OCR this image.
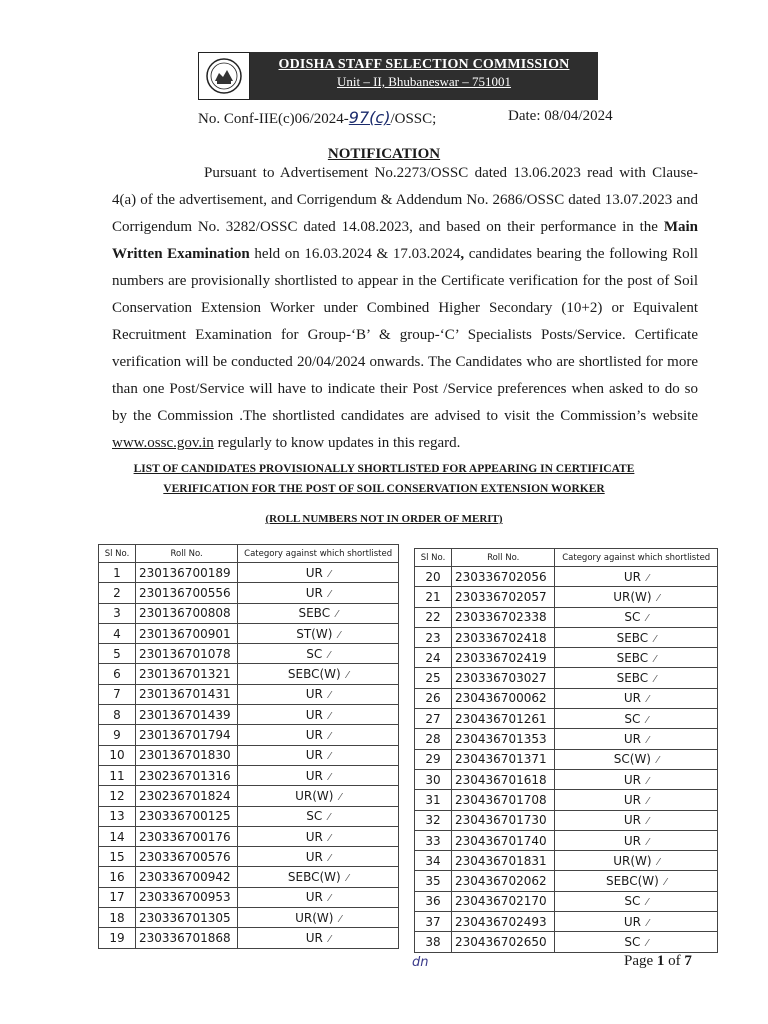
ODISHA STAFF SELECTION COMMISSION
Unit – II, Bhubaneswar – 751001
No. Conf-IIE(c)06/2024-97(c)/OSSC;	Date: 08/04/2024
NOTIFICATION
Pursuant to Advertisement No.2273/OSSC dated 13.06.2023 read with Clause-4(a) of the advertisement, and Corrigendum & Addendum No. 2686/OSSC dated 13.07.2023 and Corrigendum No. 3282/OSSC dated 14.08.2023, and based on their performance in the Main Written Examination held on 16.03.2024 & 17.03.2024, candidates bearing the following Roll numbers are provisionally shortlisted to appear in the Certificate verification for the post of Soil Conservation Extension Worker under Combined Higher Secondary (10+2) or Equivalent Recruitment Examination for Group-‘B’ & group-‘C’ Specialists Posts/Service. Certificate verification will be conducted 20/04/2024 onwards. The Candidates who are shortlisted for more than one Post/Service will have to indicate their Post /Service preferences when asked to do so by the Commission .The shortlisted candidates are advised to visit the Commission’s website www.ossc.gov.in regularly to know updates in this regard.
LIST OF CANDIDATES PROVISIONALLY SHORTLISTED FOR APPEARING IN CERTIFICATE
VERIFICATION FOR THE POST OF SOIL CONSERVATION EXTENSION WORKER
(ROLL NUMBERS NOT IN ORDER OF MERIT)
Sl No.	Roll No.	Category against which shortlisted
1	230136700189	UR ⁄
2	230136700556	UR ⁄
3	230136700808	SEBC ⁄
4	230136700901	ST(W) ⁄
5	230136701078	SC ⁄
6	230136701321	SEBC(W) ⁄
7	230136701431	UR ⁄
8	230136701439	UR ⁄
9	230136701794	UR ⁄
10	230136701830	UR ⁄
11	230236701316	UR ⁄
12	230236701824	UR(W) ⁄
13	230336700125	SC ⁄
14	230336700176	UR ⁄
15	230336700576	UR ⁄
16	230336700942	SEBC(W) ⁄
17	230336700953	UR ⁄
18	230336701305	UR(W) ⁄
19	230336701868	UR ⁄
Sl No.	Roll No.	Category against which shortlisted
20	230336702056	UR ⁄
21	230336702057	UR(W) ⁄
22	230336702338	SC ⁄
23	230336702418	SEBC ⁄
24	230336702419	SEBC ⁄
25	230336703027	SEBC ⁄
26	230436700062	UR ⁄
27	230436701261	SC ⁄
28	230436701353	UR ⁄
29	230436701371	SC(W) ⁄
30	230436701618	UR ⁄
31	230436701708	UR ⁄
32	230436701730	UR ⁄
33	230436701740	UR ⁄
34	230436701831	UR(W) ⁄
35	230436702062	SEBC(W) ⁄
36	230436702170	SC ⁄
37	230436702493	UR ⁄
38	230436702650	SC ⁄
dn	Page 1 of 7
